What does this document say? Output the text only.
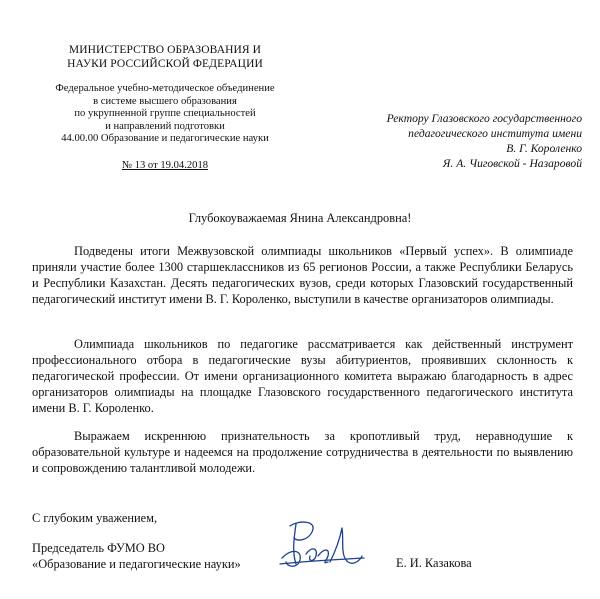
МИНИСТЕРСТВО ОБРАЗОВАНИЯ И
НАУКИ РОССИЙСКОЙ ФЕДЕРАЦИИ
Федеральное учебно-методическое объединение
в системе высшего образования
по укрупненной группе специальностей
и направлений подготовки
44.00.00 Образование и педагогические науки
№ 13 от 19.04.2018
Ректору Глазовского государственного
педагогического института имени
В. Г. Короленко
Я. А. Чиговской - Назаровой
Глубокоуважаемая Янина Александровна!

Подведены итоги Межвузовской олимпиады школьников «Первый успех». В олимпиаде приняли участие более 1300 старшеклассников из 65 регионов России, а также Республики Беларусь и Республики Казахстан. Десять педагогических вузов, среди которых Глазовский государственный педагогический институт имени В. Г. Короленко, выступили в качестве организаторов олимпиады.

Олимпиада школьников по педагогике рассматривается как действенный инструмент профессионального отбора в педагогические вузы абитуриентов, проявивших склонность к педагогической профессии. От имени организационного комитета выражаю благодарность в адрес организаторов олимпиады на площадке Глазовского государственного педагогического института имени В. Г. Короленко.

Выражаем искреннюю признательность за кропотливый труд, неравнодушие к образовательной культуре и надеемся на продолжение сотрудничества в деятельности по выявлению и сопровождению талантливой молодежи.

С глубоким уважением,
Председатель ФУМО ВО
«Образование и педагогические науки»	Е. И. Казакова
